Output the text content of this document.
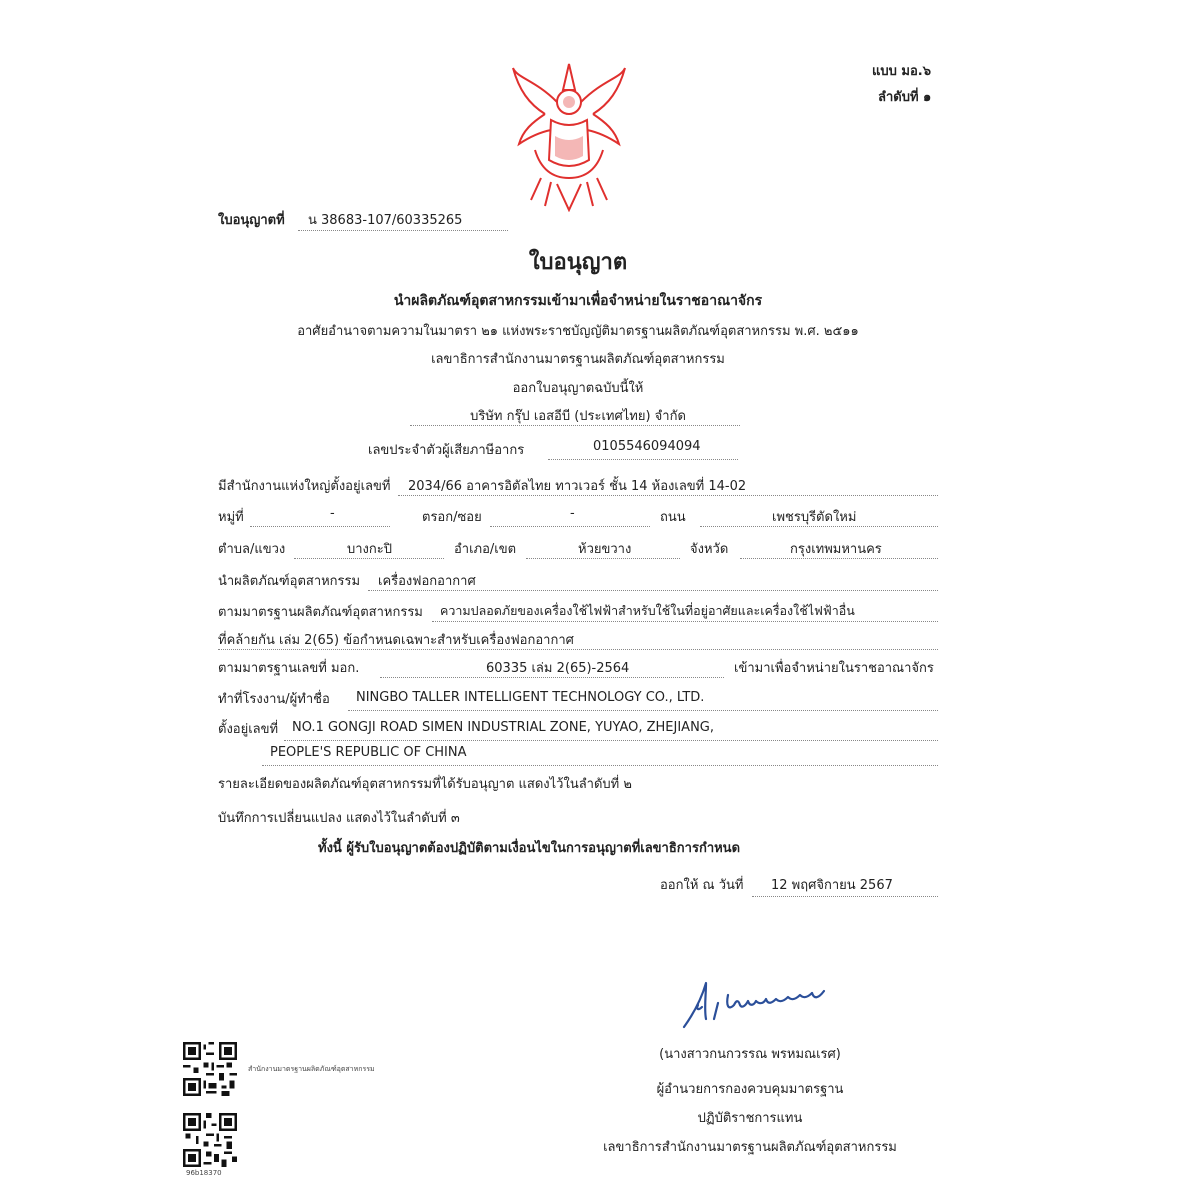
แบบ มอ.๖
ลำดับที่ ๑
ใบอนุญาตที่ น 38683-107/60335265
ใบอนุญาต
นำผลิตภัณฑ์อุตสาหกรรมเข้ามาเพื่อจำหน่ายในราชอาณาจักร
อาศัยอำนาจตามความในมาตรา ๒๑ แห่งพระราชบัญญัติมาตรฐานผลิตภัณฑ์อุตสาหกรรม พ.ศ. ๒๕๑๑
เลขาธิการสำนักงานมาตรฐานผลิตภัณฑ์อุตสาหกรรม
ออกใบอนุญาตฉบับนี้ให้
บริษัท กรุ๊ป เอสอีบี (ประเทศไทย) จำกัด
เลขประจำตัวผู้เสียภาษีอากร	0105546094094
มีสำนักงานแห่งใหญ่ตั้งอยู่เลขที่ 2034/66 อาคารอิตัลไทย ทาวเวอร์ ชั้น 14 ห้องเลขที่ 14-02
หมู่ที่	-	ตรอก/ซอย	-	ถนน	เพชรบุรีตัดใหม่
ตำบล/แขวง	บางกะปิ	อำเภอ/เขต	ห้วยขวาง	จังหวัด	กรุงเทพมหานคร
นำผลิตภัณฑ์อุตสาหกรรม เครื่องฟอกอากาศ
ตามมาตรฐานผลิตภัณฑ์อุตสาหกรรม ความปลอดภัยของเครื่องใช้ไฟฟ้าสำหรับใช้ในที่อยู่อาศัยและเครื่องใช้ไฟฟ้าอื่น
ที่คล้ายกัน เล่ม 2(65) ข้อกำหนดเฉพาะสำหรับเครื่องฟอกอากาศ
ตามมาตรฐานเลขที่ มอก.	60335 เล่ม 2(65)-2564	เข้ามาเพื่อจำหน่ายในราชอาณาจักร
ทำที่โรงงาน/ผู้ทำชื่อ NINGBO TALLER INTELLIGENT TECHNOLOGY CO., LTD.
ตั้งอยู่เลขที่ NO.1 GONGJI ROAD SIMEN INDUSTRIAL ZONE, YUYAO, ZHEJIANG,
PEOPLE'S REPUBLIC OF CHINA
รายละเอียดของผลิตภัณฑ์อุตสาหกรรมที่ได้รับอนุญาต แสดงไว้ในลำดับที่ ๒
บันทึกการเปลี่ยนแปลง แสดงไว้ในลำดับที่ ๓
ทั้งนี้ ผู้รับใบอนุญาตต้องปฏิบัติตามเงื่อนไขในการอนุญาตที่เลขาธิการกำหนด
ออกให้ ณ วันที่ 12 พฤศจิกายน 2567
(นางสาวกนกวรรณ พรหมณเรศ)
ผู้อำนวยการกองควบคุมมาตรฐาน
ปฏิบัติราชการแทน
เลขาธิการสำนักงานมาตรฐานผลิตภัณฑ์อุตสาหกรรม
สำนักงานมาตรฐานผลิตภัณฑ์อุตสาหกรรม
96b18370
